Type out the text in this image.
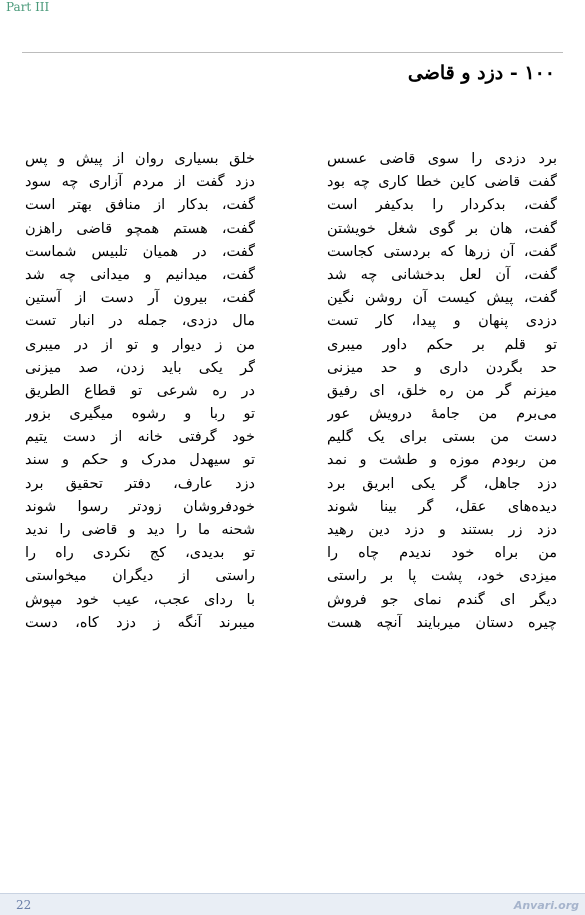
Part III
۱۰۰ - دزد و قاضی
برد دزدی را سوی قاضی عسس
خلق بسیاری روان از پیش و پس
گفت قاضی کاین خطا کاری چه بود
دزد گفت از مردم آزاری چه سود
گفت، بدکردار را بدکیفر است
گفت، بدکار از منافق بهتر است
گفت، هان بر گوی شغل خویشتن
گفت، هستم همچو قاضی راهزن
گفت، آن زرها که بردستی کجاست
گفت، در همیان تلبیس شماست
گفت، آن لعل بدخشانی چه شد
گفت، میدانیم و میدانی چه شد
گفت، پیش کیست آن روشن نگین
گفت، بیرون آر دست از آستین
دزدی پنهان و پیدا، کار تست
مال دزدی، جمله در انبار تست
تو قلم بر حکم داور میبری
من ز دیوار و تو از در میبری
حد بگردن داری و حد میزنی
گر یکی باید زدن، صد میزنی
میزنم گر من ره خلق، ای رفیق
در ره شرعی تو قطاع الطریق
می‌برم من جامهٔ درویش عور
تو ربا و رشوه میگیری بزور
دست من بستی برای یک گلیم
خود گرفتی خانه از دست یتیم
من ربودم موزه و طشت و نمد
تو سیهدل مدرک و حکم و سند
دزد جاهل، گر یکی ابریق برد
دزد عارف، دفتر تحقیق برد
دیده‌های عقل، گر بینا شوند
خودفروشان زودتر رسوا شوند
دزد زر بستند و دزد دین رهید
شحنه ما را دید و قاضی را ندید
من براه خود ندیدم چاه را
تو بدیدی، کج نکردی راه را
میزدی خود، پشت پا بر راستی
راستی از دیگران میخواستی
دیگر ای گندم نمای جو فروش
با ردای عجب، عیب خود مپوش
چیره دستان میربایند آنچه هست
میبرند آنگه ز دزد کاه، دست
22	Anvari.org
